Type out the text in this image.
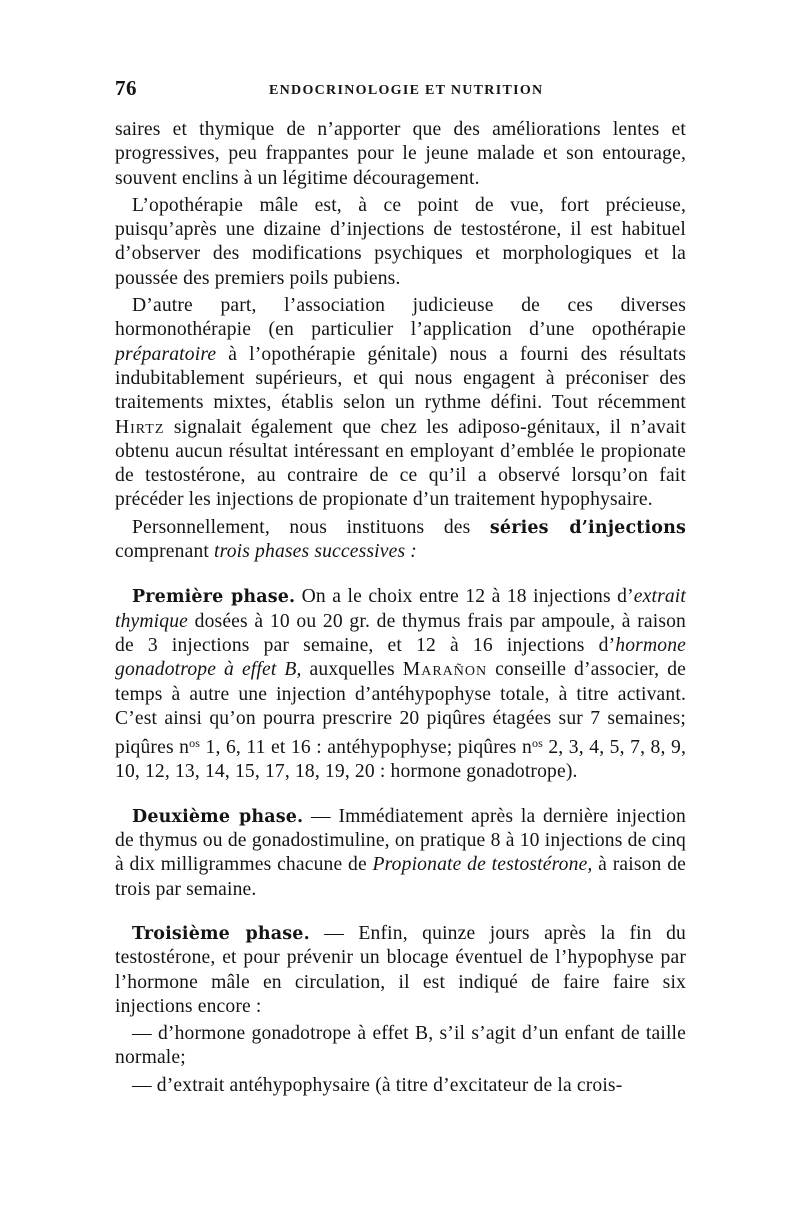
76	ENDOCRINOLOGIE ET NUTRITION

saires et thymique de n’apporter que des améliorations lentes et progressives, peu frappantes pour le jeune malade et son entourage, souvent enclins à un légitime découragement.

L’opothérapie mâle est, à ce point de vue, fort précieuse, puisqu’après une dizaine d’injections de testostérone, il est habituel d’observer des modifications psychiques et morphologiques et la poussée des premiers poils pubiens.

D’autre part, l’association judicieuse de ces diverses hormonothérapie (en particulier l’application d’une opothérapie préparatoire à l’opothérapie génitale) nous a fourni des résultats indubitablement supérieurs, et qui nous engagent à préconiser des traitements mixtes, établis selon un rythme défini. Tout récemment Hirtz signalait également que chez les adiposo-génitaux, il n’avait obtenu aucun résultat intéressant en employant d’emblée le propionate de testostérone, au contraire de ce qu’il a observé lorsqu’on fait précéder les injections de propionate d’un traitement hypophysaire.

Personnellement, nous instituons des séries d’injections comprenant trois phases successives :

Première phase. On a le choix entre 12 à 18 injections d’extrait thymique dosées à 10 ou 20 gr. de thymus frais par ampoule, à raison de 3 injections par semaine, et 12 à 16 injections d’hormone gonadotrope à effet B, auxquelles Marañon conseille d’associer, de temps à autre une injection d’antéhypophyse totale, à titre activant. C’est ainsi qu’on pourra prescrire 20 piqûres étagées sur 7 semaines; piqûres $n^{os}$ 1, 6, 11 et 16 : antéhypophyse; piqûres $n^{os}$ 2, 3, 4, 5, 7, 8, 9, 10, 12, 13, 14, 15, 17, 18, 19, 20 : hormone gonadotrope).

Deuxième phase. — Immédiatement après la dernière injection de thymus ou de gonadostimuline, on pratique 8 à 10 injections de cinq à dix milligrammes chacune de Propionate de testostérone, à raison de trois par semaine.

Troisième phase. — Enfin, quinze jours après la fin du testostérone, et pour prévenir un blocage éventuel de l’hypophyse par l’hormone mâle en circulation, il est indiqué de faire faire six injections encore :

— d’hormone gonadotrope à effet B, s’il s’agit d’un enfant de taille normale;

— d’extrait antéhypophysaire (à titre d’excitateur de la crois-
